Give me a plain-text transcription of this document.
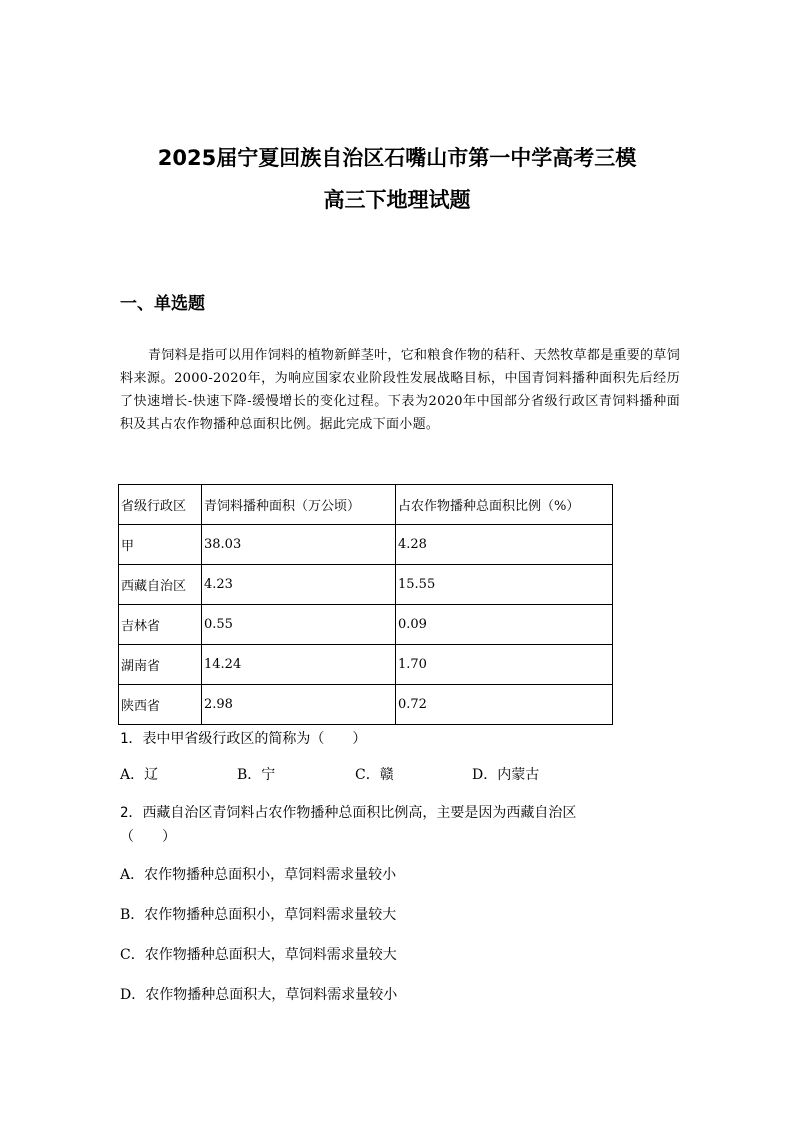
2025届宁夏回族自治区石嘴山市第一中学高考三模
高三下地理试题
一、单选题
青饲料是指可以用作饲料的植物新鲜茎叶，它和粮食作物的秸秆、天然牧草都是重要的草饲料来源。2000-2020年，为响应国家农业阶段性发展战略目标，中国青饲料播种面积先后经历了快速增长-快速下降-缓慢增长的变化过程。下表为2020年中国部分省级行政区青饲料播种面积及其占农作物播种总面积比例。据此完成下面小题。
省级行政区	青饲料播种面积（万公顷）	占农作物播种总面积比例（%）
甲	38.03	4.28
西藏自治区	4.23	15.55
吉林省	0.55	0.09
湖南省	14.24	1.70
陕西省	2.98	0.72
1．表中甲省级行政区的简称为（　　）
A．辽	B．宁	C．赣	D．内蒙古
2．西藏自治区青饲料占农作物播种总面积比例高，主要是因为西藏自治区
（　　）
A．农作物播种总面积小，草饲料需求量较小
B．农作物播种总面积小，草饲料需求量较大
C．农作物播种总面积大，草饲料需求量较大
D．农作物播种总面积大，草饲料需求量较小
